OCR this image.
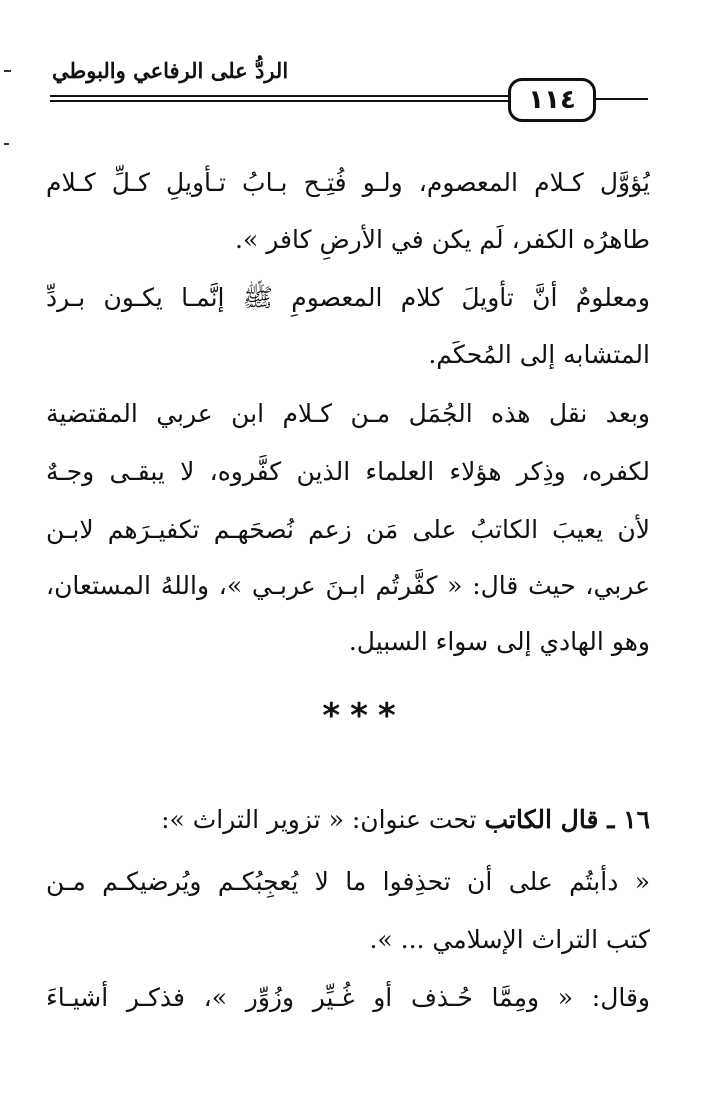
الردُّ على الرفاعي والبوطي
١١٤
يُؤوَّل كـلام المعصوم، ولـو فُتِـح بـابُ تـأويلِ كـلِّ كـلام
طاهرُه الكفر، لَم يكن في الأرضِ كافر ».
ومعلومٌ أنَّ تأويلَ كلام المعصومِ ﷺ إنَّمـا يكـون بـردِّ
المتشابه إلى المُحكَم.
وبعد نقل هذه الجُمَل مـن كـلام ابن عربي المقتضية
لكفره، وذِكر هؤلاء العلماء الذين كفَّروه، لا يبقـى وجـهٌ
لأن يعيبَ الكاتبُ على مَن زعم نُصحَهـم تكفيـرَهم لابـن
عربي، حيث قال: « كفَّرتُم ابـنَ عربـي »، واللهُ المستعان،
وهو الهادي إلى سواء السبيل.
***
١٦ ـ قال الكاتب تحت عنوان: « تزوير التراث »:
« دأبتُم على أن تحذِفوا ما لا يُعجِبُكـم ويُرضيكـم مـن
كتب التراث الإسلامي ... ».
وقال: « ومِمَّا حُـذف أو غُـيِّر وزُوِّر »، فذكـر أشيـاءَ
